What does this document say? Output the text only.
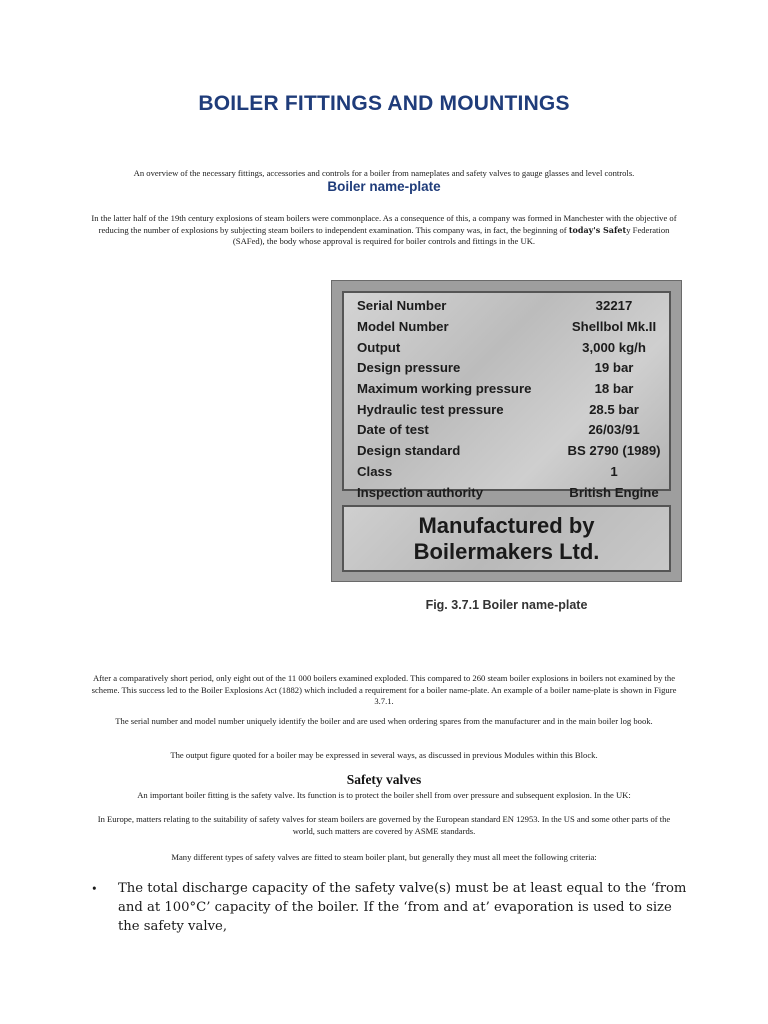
BOILER FITTINGS AND MOUNTINGS
An overview of the necessary fittings, accessories and controls for a boiler from nameplates and safety valves to gauge glasses and level controls.
Boiler name-plate
In the latter half of the 19th century explosions of steam boilers were commonplace. As a consequence of this, a company was formed in Manchester with the objective of reducing the number of explosions by subjecting steam boilers to independent examination. This company was, in fact, the beginning of today's Safety Federation (SAFed), the body whose approval is required for boiler controls and fittings in the UK.
Serial Number	32217
Model Number	Shellbol Mk.II
Output	3,000 kg/h
Design pressure	19 bar
Maximum working pressure	18 bar
Hydraulic test pressure	28.5 bar
Date of test	26/03/91
Design standard	BS 2790 (1989)
Class	1
Inspection authority	British Engine
Manufactured by
Boilermakers Ltd.
Fig. 3.7.1 Boiler name-plate
After a comparatively short period, only eight out of the 11 000 boilers examined exploded. This compared to 260 steam boiler explosions in boilers not examined by the scheme. This success led to the Boiler Explosions Act (1882) which included a requirement for a boiler name-plate. An example of a boiler name-plate is shown in Figure 3.7.1.
The serial number and model number uniquely identify the boiler and are used when ordering spares from the manufacturer and in the main boiler log book.
The output figure quoted for a boiler may be expressed in several ways, as discussed in previous Modules within this Block.
Safety valves
An important boiler fitting is the safety valve. Its function is to protect the boiler shell from over pressure and subsequent explosion. In the UK:
In Europe, matters relating to the suitability of safety valves for steam boilers are governed by the European standard EN 12953. In the US and some other parts of the world, such matters are covered by ASME standards.
Many different types of safety valves are fitted to steam boiler plant, but generally they must all meet the following criteria:
• The total discharge capacity of the safety valve(s) must be at least equal to the ‘from and at 100°C’ capacity of the boiler. If the ‘from and at’ evaporation is used to size the safety valve,
